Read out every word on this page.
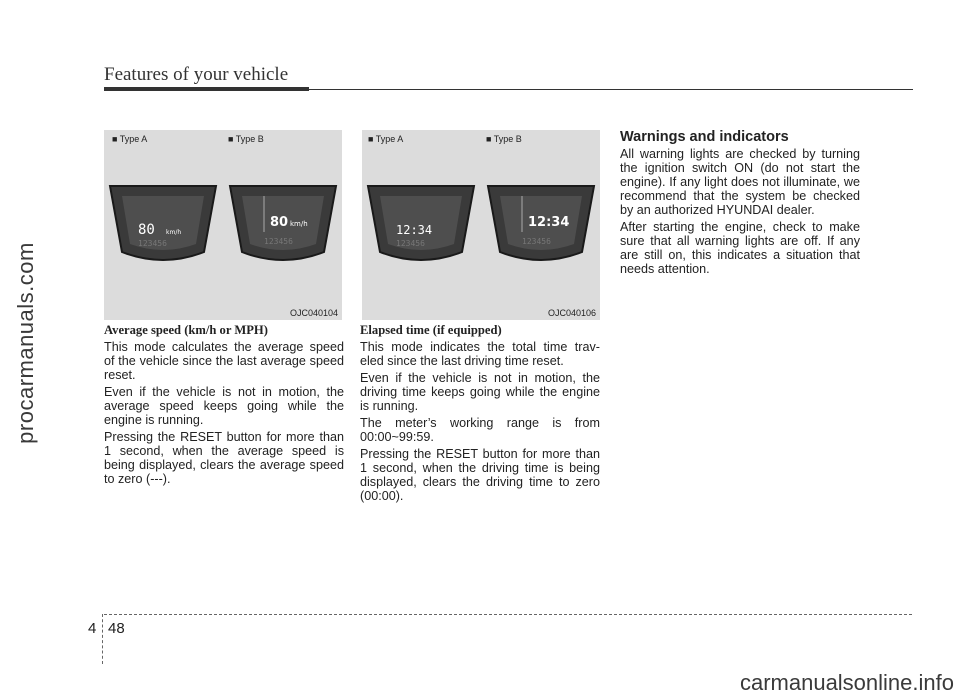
procarmanuals.com
carmanualsonline.info
Features of your vehicle
■ Type A
80 km/h
123456
■ Type B
80 km/h
123456
OJC040104
■ Type A
12:34
123456
■ Type B
12:34
123456
OJC040106

Average speed (km/h or MPH)

This mode calculates the average speed of the vehicle since the last average speed reset.

Even if the vehicle is not in motion, the average speed keeps going while the engine is running.

Pressing the RESET button for more than 1 second, when the average speed is being displayed, clears the average speed to zero (---).

Elapsed time (if equipped)

This mode indicates the total time trav-eled since the last driving time reset.

Even if the vehicle is not in motion, the driving time keeps going while the engine is running.

The meter’s working range is from 00:00~99:59.

Pressing the RESET button for more than 1 second, when the driving time is being displayed, clears the driving time to zero (00:00).

Warnings and indicators

All warning lights are checked by turning the ignition switch ON (do not start the engine). If any light does not illuminate, we recommend that the system be checked by an authorized HYUNDAI dealer.

After starting the engine, check to make sure that all warning lights are off. If any are still on, this indicates a situation that needs attention.

4 48
